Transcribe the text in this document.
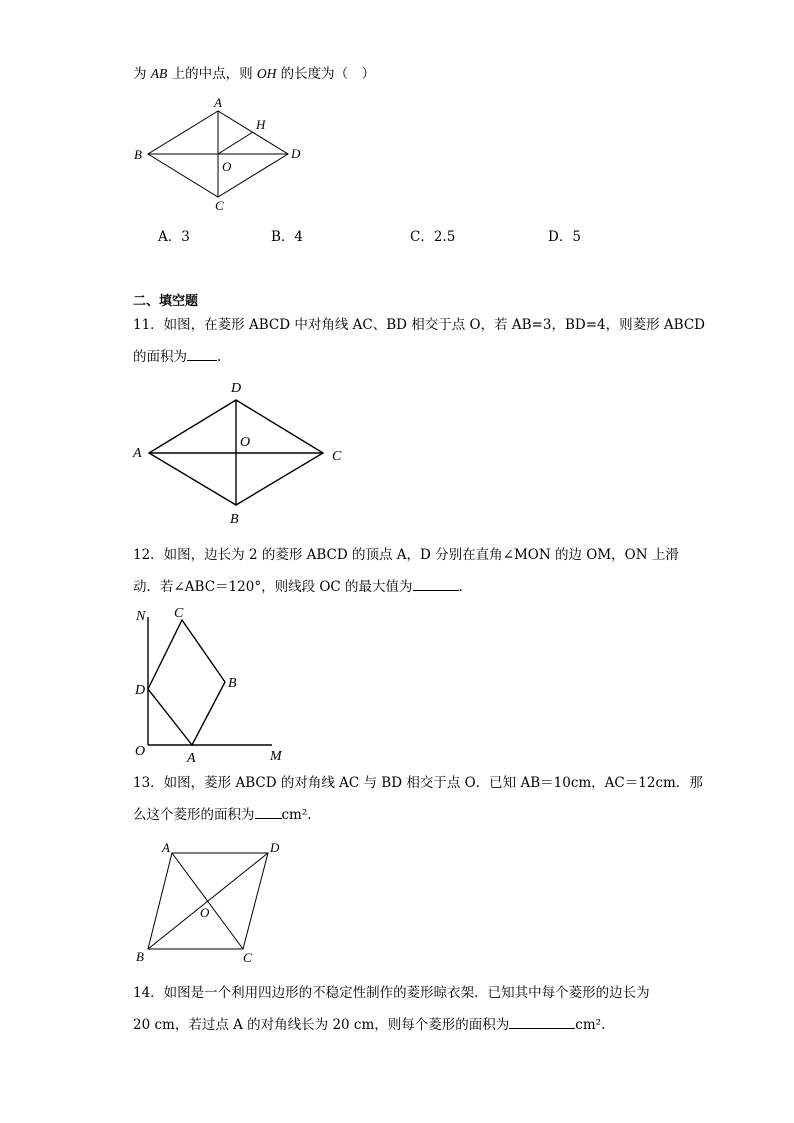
为 AB 上的中点，则 OH 的长度为（　）
A
B
C
D
O
H
A．3	B．4	C．2.5	D．5
二、填空题
11．如图，在菱形 ABCD 中对角线 AC、BD 相交于点 O，若 AB=3，BD=4，则菱形 ABCD
的面积为 .
D
A
O
C
B
12．如图，边长为 2 的菱形 ABCD 的顶点 A，D 分别在直角∠MON 的边 OM，ON 上滑
动．若∠ABC＝120°，则线段 OC 的最大值为	．
N C
D	B
O	A	M
13．如图，菱形 ABCD 的对角线 AC 与 BD 相交于点 O．已知 AB＝10cm，AC＝12cm．那
么这个菱形的面积为 cm².
A	D
O
B	C
14．如图是一个利用四边形的不稳定性制作的菱形晾衣架．已知其中每个菱形的边长为
20 cm，若过点 A 的对角线长为 20 cm，则每个菱形的面积为	cm².
